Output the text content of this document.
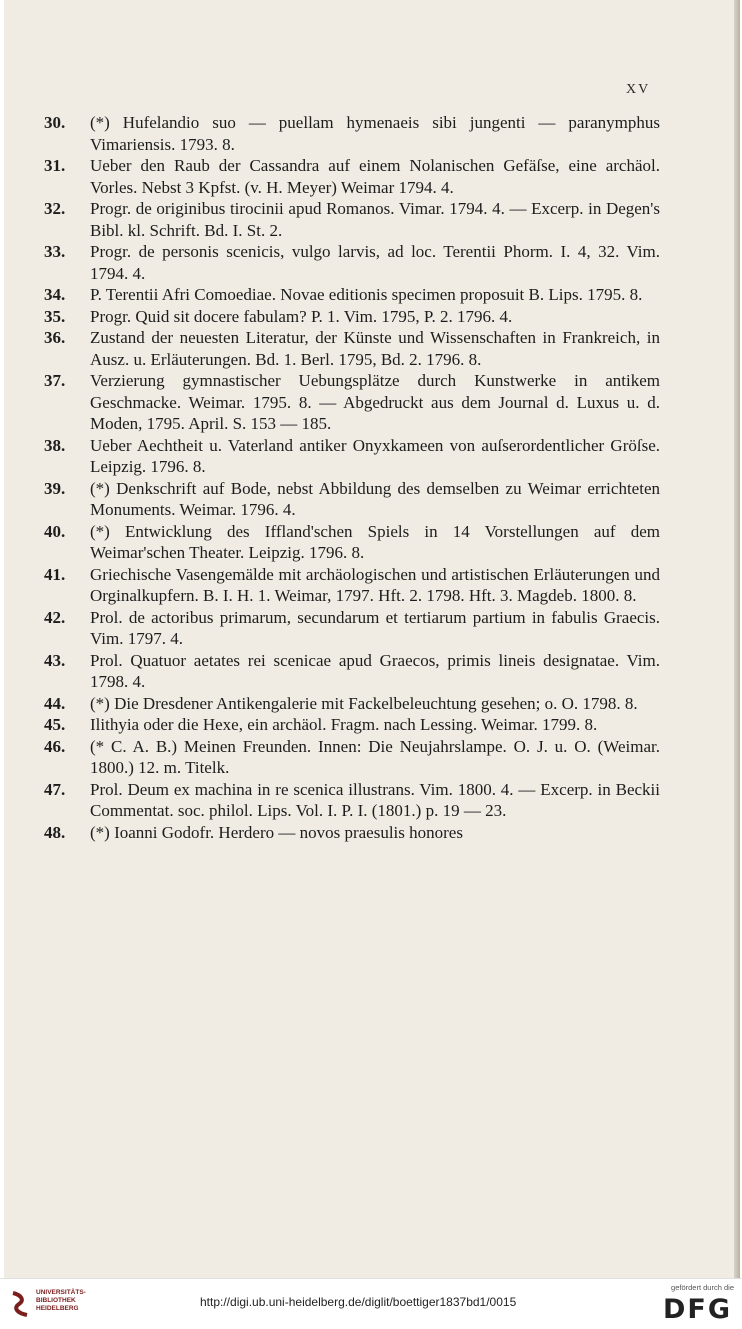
XV
30. (*) Hufelandio suo — puellam hymenaeis sibi jungenti — paranymphus Vimariensis. 1793. 8.
31. Ueber den Raub der Cassandra auf einem Nolanischen Gefäſse, eine archäol. Vorles. Nebst 3 Kpfst. (v. H. Meyer) Weimar 1794. 4.
32. Progr. de originibus tirocinii apud Romanos. Vimar. 1794. 4. — Excerp. in Degen's Bibl. kl. Schrift. Bd. I. St. 2.
33. Progr. de personis scenicis, vulgo larvis, ad loc. Terentii Phorm. I. 4, 32. Vim. 1794. 4.
34. P. Terentii Afri Comoediae. Novae editionis specimen proposuit B. Lips. 1795. 8.
35. Progr. Quid sit docere fabulam? P. 1. Vim. 1795, P. 2. 1796. 4.
36. Zustand der neuesten Literatur, der Künste und Wissenschaften in Frankreich, in Ausz. u. Erläuterungen. Bd. 1. Berl. 1795, Bd. 2. 1796. 8.
37. Verzierung gymnastischer Uebungsplätze durch Kunstwerke in antikem Geschmacke. Weimar. 1795. 8. — Abgedruckt aus dem Journal d. Luxus u. d. Moden, 1795. April. S. 153 — 185.
38. Ueber Aechtheit u. Vaterland antiker Onyxkameen von auſserordentlicher Gröſse. Leipzig. 1796. 8.
39. (*) Denkschrift auf Bode, nebst Abbildung des demselben zu Weimar errichteten Monuments. Weimar. 1796. 4.
40. (*) Entwicklung des Iffland'schen Spiels in 14 Vorstellungen auf dem Weimar'schen Theater. Leipzig. 1796. 8.
41. Griechische Vasengemälde mit archäologischen und artistischen Erläuterungen und Orginalkupfern. B. I. H. 1. Weimar, 1797. Hft. 2. 1798. Hft. 3. Magdeb. 1800. 8.
42. Prol. de actoribus primarum, secundarum et tertiarum partium in fabulis Graecis. Vim. 1797. 4.
43. Prol. Quatuor aetates rei scenicae apud Graecos, primis lineis designatae. Vim. 1798. 4.
44. (*) Die Dresdener Antikengalerie mit Fackelbeleuchtung gesehen; o. O. 1798. 8.
45. Ilithyia oder die Hexe, ein archäol. Fragm. nach Lessing. Weimar. 1799. 8.
46. (* C. A. B.) Meinen Freunden. Innen: Die Neujahrslampe. O. J. u. O. (Weimar. 1800.) 12. m. Titelk.
47. Prol. Deum ex machina in re scenica illustrans. Vim. 1800. 4. — Excerp. in Beckii Commentat. soc. philol. Lips. Vol. I. P. I. (1801.) p. 19 — 23.
48. (*) Ioanni Godofr. Herdero — novos praesulis honores
UNIVERSITÄTS-
BIBLIOTHEK
HEIDELBERG	http://digi.ub.uni-heidelberg.de/diglit/boettiger1837bd1/0015
gefördert durch die
DFG
